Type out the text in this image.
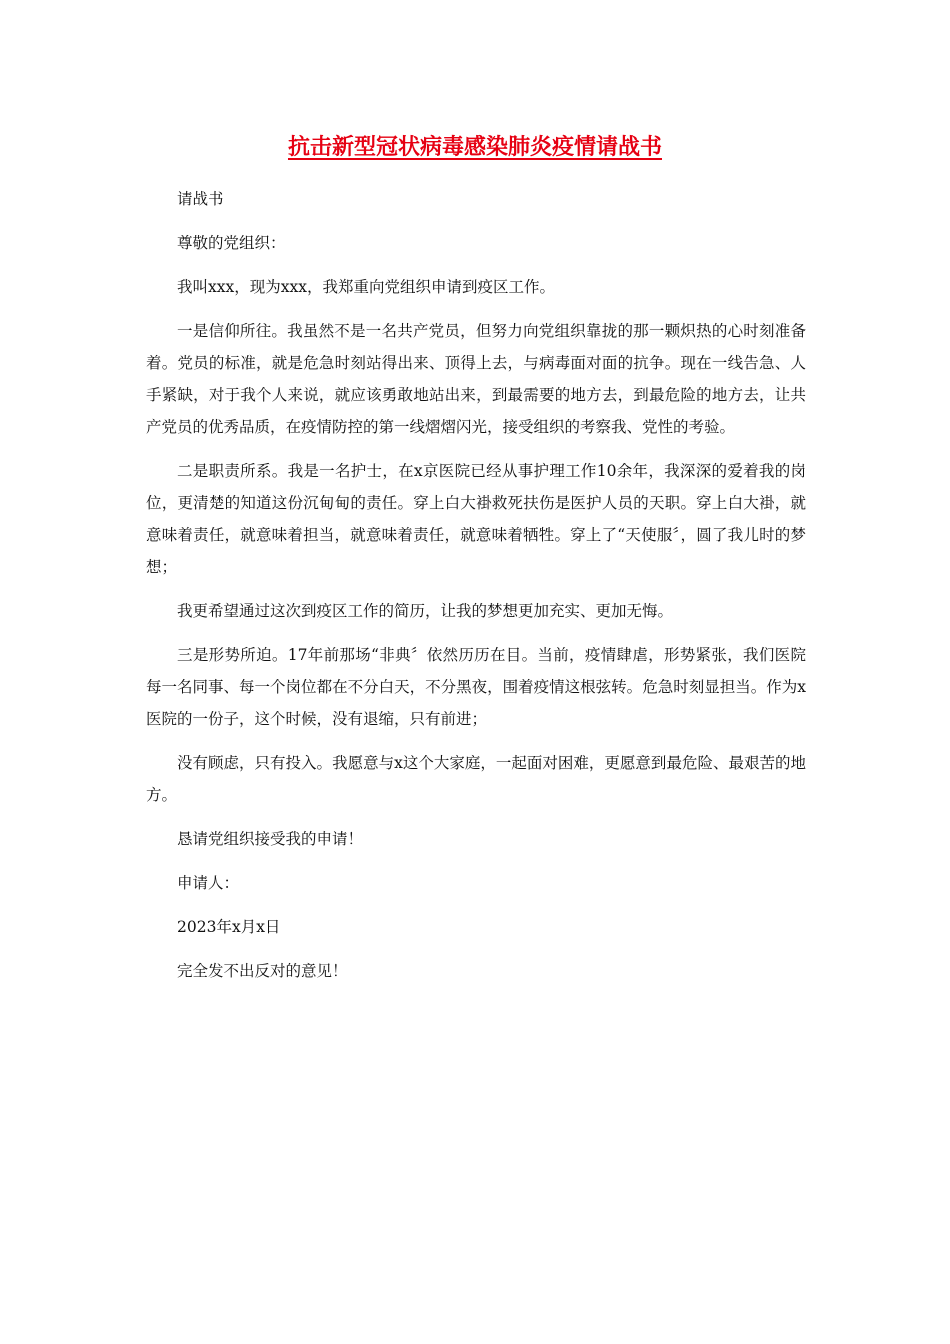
抗击新型冠状病毒感染肺炎疫情请战书

请战书

尊敬的党组织：

我叫xxx，现为xxx，我郑重向党组织申请到疫区工作。

一是信仰所往。我虽然不是一名共产党员，但努力向党组织靠拢的那一颗炽热的心时刻准备着。党员的标准，就是危急时刻站得出来、顶得上去，与病毒面对面的抗争。现在一线告急、人手紧缺，对于我个人来说，就应该勇敢地站出来，到最需要的地方去，到最危险的地方去，让共产党员的优秀品质，在疫情防控的第一线熠熠闪光，接受组织的考察我、党性的考验。

二是职责所系。我是一名护士，在x京医院已经从事护理工作10余年，我深深的爱着我的岗位，更清楚的知道这份沉甸甸的责任。穿上白大褂救死扶伤是医护人员的天职。穿上白大褂，就意味着责任，就意味着担当，就意味着责任，就意味着牺牲。穿上了“天使服〞，圆了我儿时的梦想；

我更希望通过这次到疫区工作的简历，让我的梦想更加充实、更加无悔。

三是形势所迫。17年前那场“非典〞依然历历在目。当前，疫情肆虐，形势紧张，我们医院每一名同事、每一个岗位都在不分白天，不分黑夜，围着疫情这根弦转。危急时刻显担当。作为x医院的一份子，这个时候，没有退缩，只有前进；

没有顾虑，只有投入。我愿意与x这个大家庭，一起面对困难，更愿意到最危险、最艰苦的地方。

恳请党组织接受我的申请！

申请人：

2023年x月x日

完全发不出反对的意见！
